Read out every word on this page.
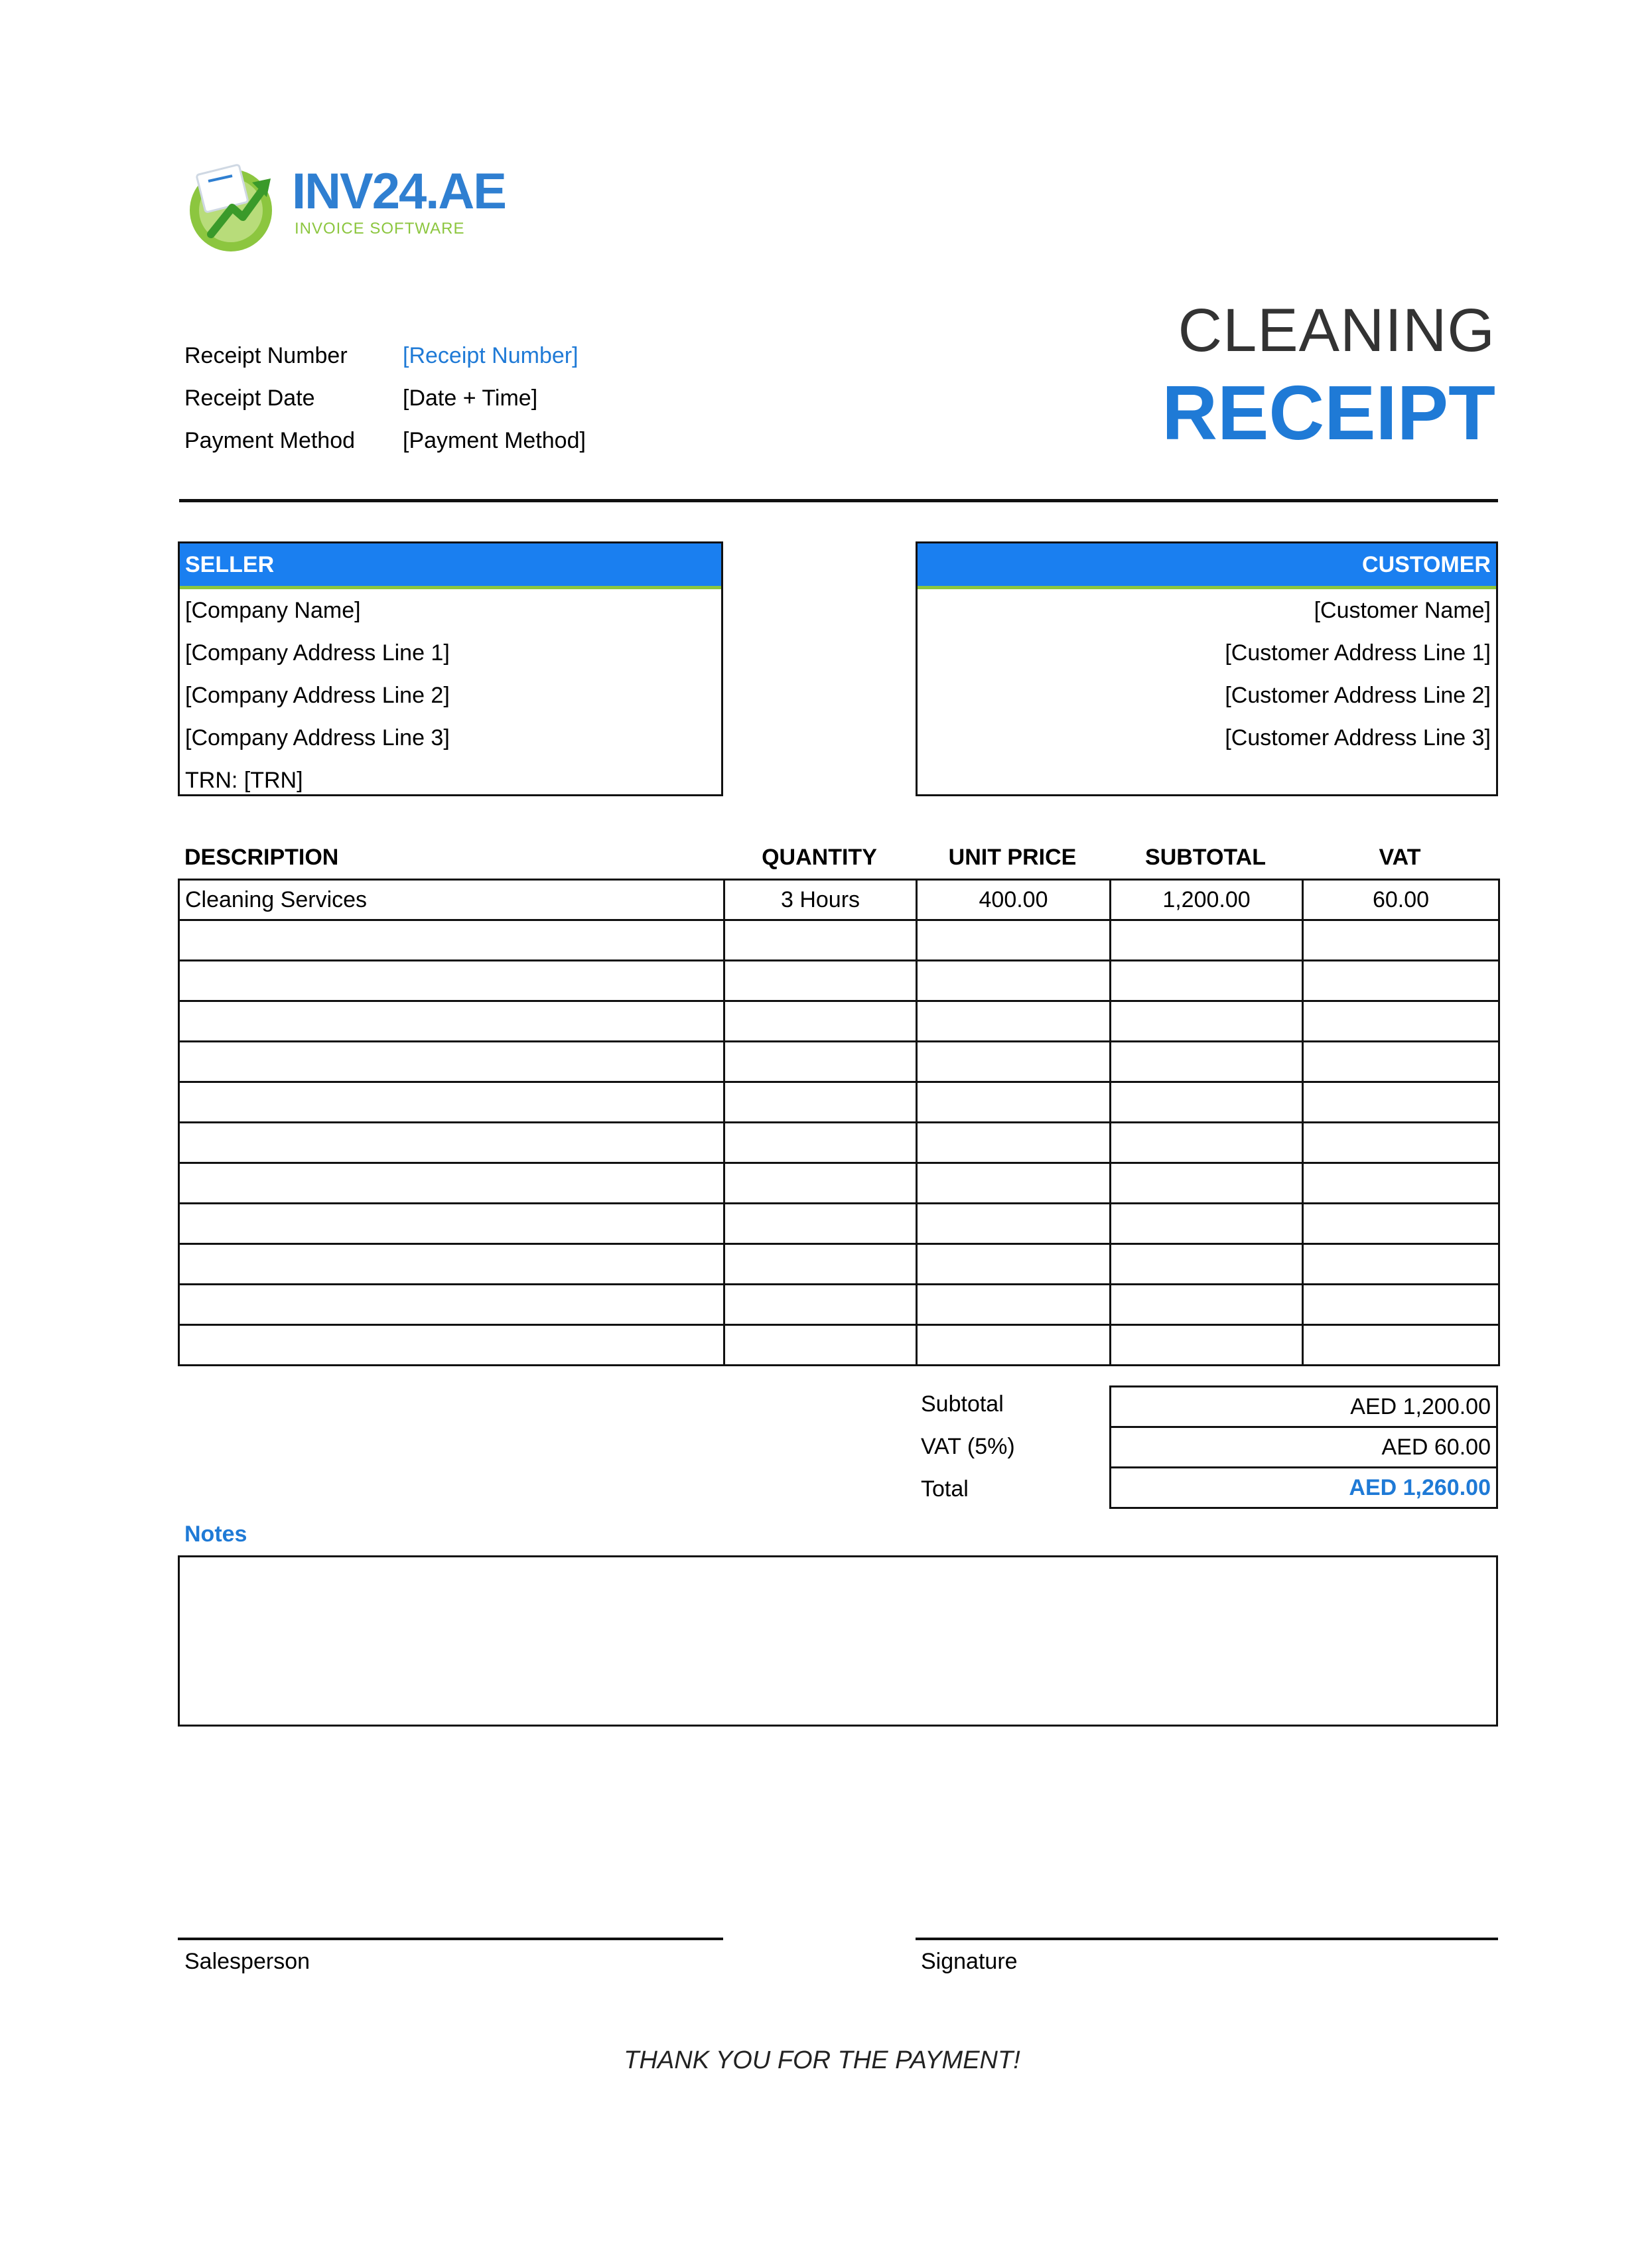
INV24.AE
INVOICE SOFTWARE
Receipt Number [Receipt Number]
Receipt Date	[Date + Time]
Payment Method [Payment Method]
CLEANING
RECEIPT
SELLER
[Company Name]
[Company Address Line 1]
[Company Address Line 2]
[Company Address Line 3]
TRN: [TRN]
CUSTOMER
[Customer Name]
[Customer Address Line 1]
[Customer Address Line 2]
[Customer Address Line 3]
DESCRIPTION	QUANTITY	UNIT PRICE	SUBTOTAL	VAT
Cleaning Services	3 Hours	400.00	1,200.00	60.00

Subtotal	AED 1,200.00
VAT (5%)	AED 60.00
Total	AED 1,260.00
Notes
Salesperson	Signature
THANK YOU FOR THE PAYMENT!
